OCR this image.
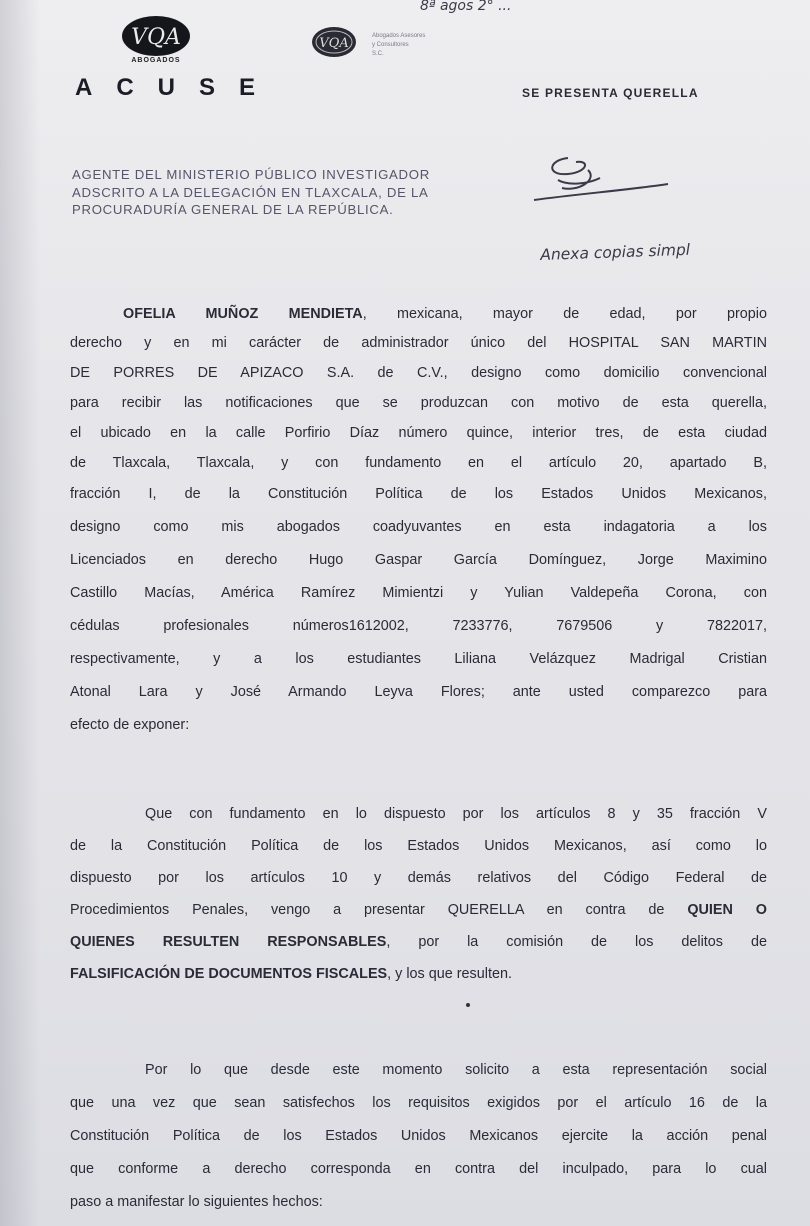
VQA
ABOGADOS
VQA	Abogados Asesores
y Consultores
S.C.
8ª agos 2° ...
ACUSE	SE PRESENTA QUERELLA
AGENTE DEL MINISTERIO PÚBLICO INVESTIGADOR
ADSCRITO A LA DELEGACIÓN EN TLAXCALA, DE LA
PROCURADURÍA GENERAL DE LA REPÚBLICA.
Anexa copias simpl
OFELIA MUÑOZ MENDIETA, mexicana, mayor de edad, por propio
derecho y en mi carácter de administrador único del HOSPITAL SAN MARTIN
DE PORRES DE APIZACO S.A. de C.V., designo como domicilio convencional
para recibir las notificaciones que se produzcan con motivo de esta querella,
el ubicado en la calle Porfirio Díaz número quince, interior tres, de esta ciudad
de Tlaxcala, Tlaxcala, y con fundamento en el artículo 20, apartado B,
fracción I, de la Constitución Política de los Estados Unidos Mexicanos,
designo como mis abogados coadyuvantes en esta indagatoria a los
Licenciados en derecho Hugo Gaspar García Domínguez, Jorge Maximino
Castillo Macías, América Ramírez Mimientzi y Yulian Valdepeña Corona, con
cédulas profesionales números1612002, 7233776, 7679506 y 7822017,
respectivamente, y a los estudiantes Liliana Velázquez Madrigal Cristian
Atonal Lara y José Armando Leyva Flores; ante usted comparezco para
efecto de exponer:
Que con fundamento en lo dispuesto por los artículos 8 y 35 fracción V
de la Constitución Política de los Estados Unidos Mexicanos, así como lo
dispuesto por los artículos 10 y demás relativos del Código Federal de
Procedimientos Penales, vengo a presentar QUERELLA en contra de QUIEN O
QUIENES RESULTEN RESPONSABLES, por la comisión de los delitos de
FALSIFICACIÓN DE DOCUMENTOS FISCALES, y los que resulten.
Por lo que desde este momento solicito a esta representación social
que una vez que sean satisfechos los requisitos exigidos por el artículo 16 de la
Constitución Política de los Estados Unidos Mexicanos ejercite la acción penal
que conforme a derecho corresponda en contra del inculpado, para lo cual
paso a manifestar lo siguientes hechos:
